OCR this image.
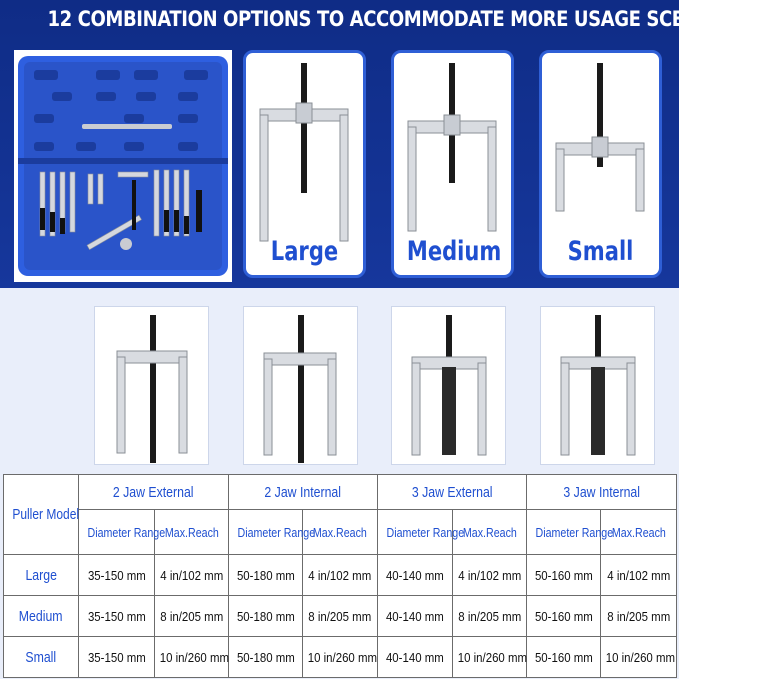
12 COMBINATION OPTIONS TO ACCOMMODATE MORE USAGE SCENARIOS
Large	Medium	Small
Puller Model	2 Jaw External		2 Jaw Internal		3 Jaw External		3 Jaw Internal	
	Diameter Range	Max.Reach	Diameter Range	Max.Reach	Diameter Range	Max.Reach	Diameter Range	Max.Reach
Large	35-150 mm	4 in/102 mm	50-180 mm	4 in/102 mm	40-140 mm	4 in/102 mm	50-160 mm	4 in/102 mm
Medium	35-150 mm	8 in/205 mm	50-180 mm	8 in/205 mm	40-140 mm	8 in/205 mm	50-160 mm	8 in/205 mm
Small	35-150 mm	10 in/260 mm	50-180 mm	10 in/260 mm	40-140 mm	10 in/260 mm	50-160 mm	10 in/260 mm
